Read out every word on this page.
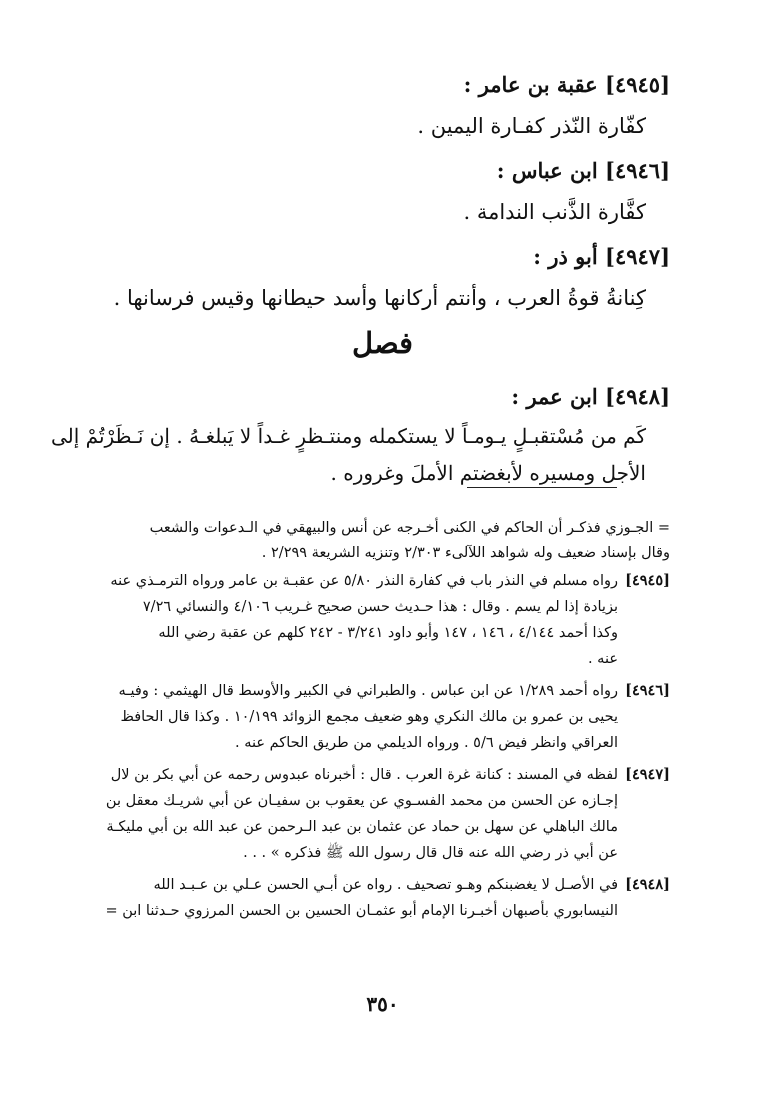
[٤٩٤٥] عقبة بن عامر :
كفّارة النّذر كفـارة اليمين .
[٤٩٤٦] ابن عباس :
كفَّارة الذَّنب الندامة .
[٤٩٤٧] أبو ذر :
كِنانةُ قوةُ العرب ، وأنتم أركانها وأسد حيطانها وقيس فرسانها .
فصل
[٤٩٤٨] ابن عمر :
كَم من مُسْتقبـلٍ يـومـاً لا يستكمله ومنتـظرٍ غـداً لا يَبلغـهُ . إن نَـظَرْتُمْ إلى
الأجل ومسيره لأبغضتم الأملَ وغروره .
= الجـوزي فذكـر أن الحاكم في الكنى أخـرجه عن أنس والبيهقي في الـدعوات والشعب
وقال بإسناد ضعيف وله شواهد اللآلىء ٢/٣٠٣ وتنزيه الشريعة ٢/٢٩٩ .
[٤٩٤٥]
رواه مسلم في النذر باب في كفارة النذر ٥/٨٠ عن عقبـة بن عامر ورواه الترمـذي عنه
بزيادة إذا لم يسم . وقال : هذا حـديث حسن صحيح غـريب ٤/١٠٦ والنسائي ٧/٢٦
وكذا أحمد ٤/١٤٤ ، ١٤٦ ، ١٤٧ وأبو داود ٣/٢٤١ - ٢٤٢ كلهم عن عقبة رضي الله
عنه .
[٤٩٤٦]
رواه أحمد ١/٢٨٩ عن ابن عباس . والطبراني في الكبير والأوسط قال الهيثمي : وفيـه
يحيى بن عمرو بن مالك النكري وهو ضعيف مجمع الزوائد ١٠/١٩٩ . وكذا قال الحافظ
العراقي وانظر فيض ٥/٦ . ورواه الديلمي من طريق الحاكم عنه .
[٤٩٤٧]
لفظه في المسند : كنانة غرة العرب . قال : أخبرناه عبدوس رحمه عن أبي بكر بن لال
إجـازه عن الحسن من محمد الفسـوي عن يعقوب بن سفيـان عن أبي شريـك معقل بن
مالك الباهلي عن سهل بن حماد عن عثمان بن عبد الـرحمن عن عبد الله بن أبي مليكـة
عن أبي ذر رضي الله عنه قال قال رسول الله ﷺ فذكره » . . .
[٤٩٤٨]
في الأصـل لا يغضبنكم وهـو تصحيف . رواه عن أبـي الحسن عـلي بن عـبـد الله
النيسابوري بأصبهان أخبـرنا الإمام أبو عثمـان الحسين بن الحسن المرزوي حـدثنا ابن =
٣٥٠
